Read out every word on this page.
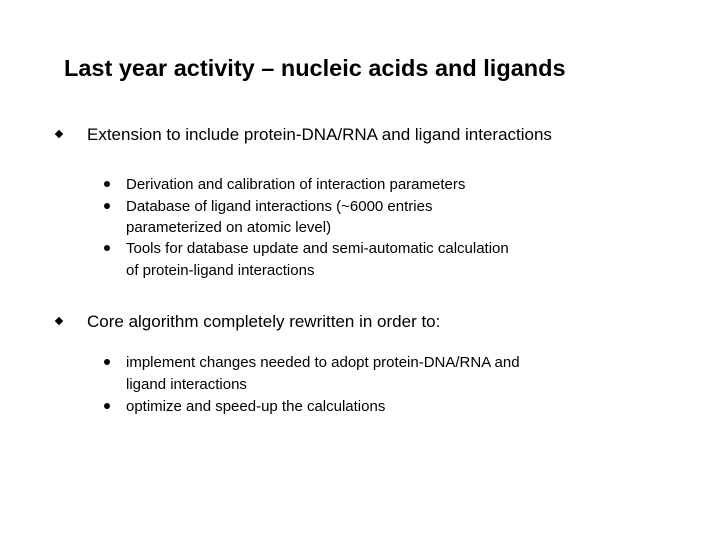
Last year activity – nucleic acids and ligands
Extension to include protein-DNA/RNA and ligand interactions
Derivation and calibration of interaction parameters
Database of ligand interactions (~6000 entries
parameterized on atomic level)
Tools for database update and semi-automatic calculation
of protein-ligand interactions
Core algorithm completely rewritten in order to:
implement changes needed to adopt protein-DNA/RNA and
ligand interactions
optimize and speed-up the calculations
